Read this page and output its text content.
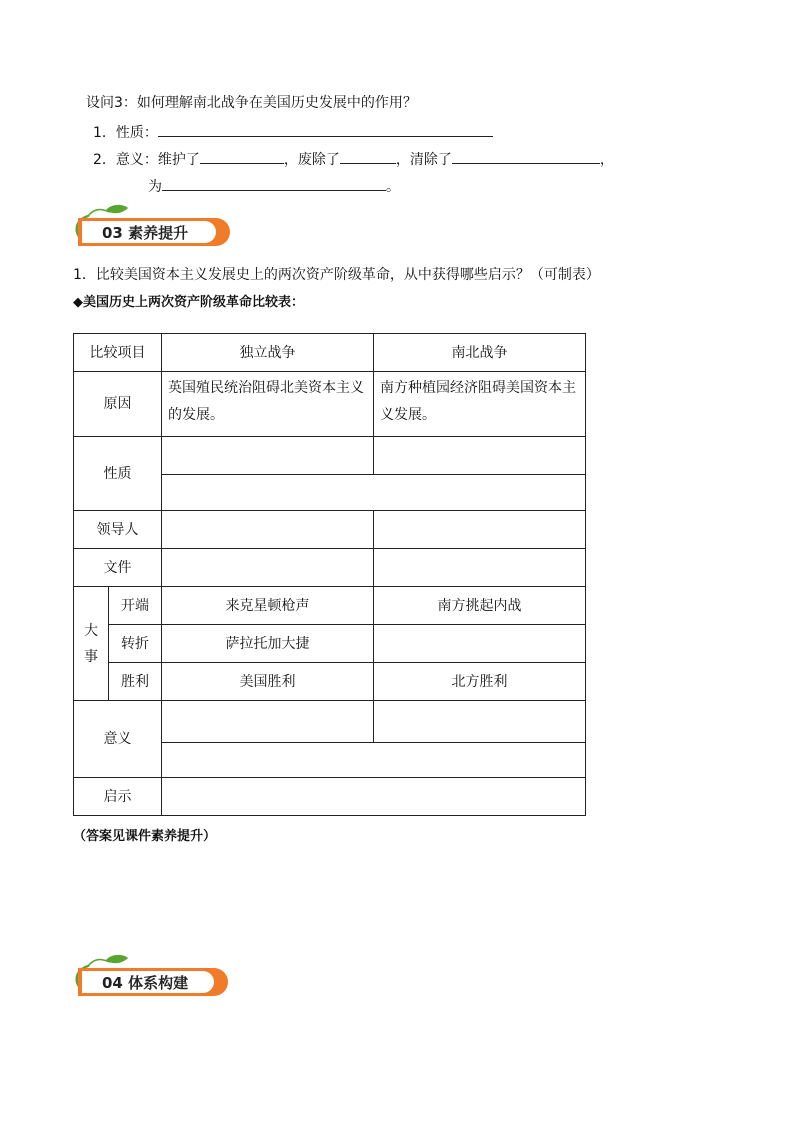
设问3：如何理解南北战争在美国历史发展中的作用？
1．性质：
2．意义：维护了	，废除了	，清除了	，
为	。
03 素养提升
1．比较美国资本主义发展史上的两次资产阶级革命，从中获得哪些启示？（可制表）
◆美国历史上两次资产阶级革命比较表：
比较项目		独立战争	南北战争
原因		英国殖民统治阻碍北美资本主义的发展。	南方种植园经济阻碍美国资本主义发展。
性质			

领导人			
文件			
大事	开端	来克星顿枪声	南方挑起内战
	转折	萨拉托加大捷	
	胜利	美国胜利	北方胜利
意义			

启示			
（答案见课件素养提升）
04 体系构建
